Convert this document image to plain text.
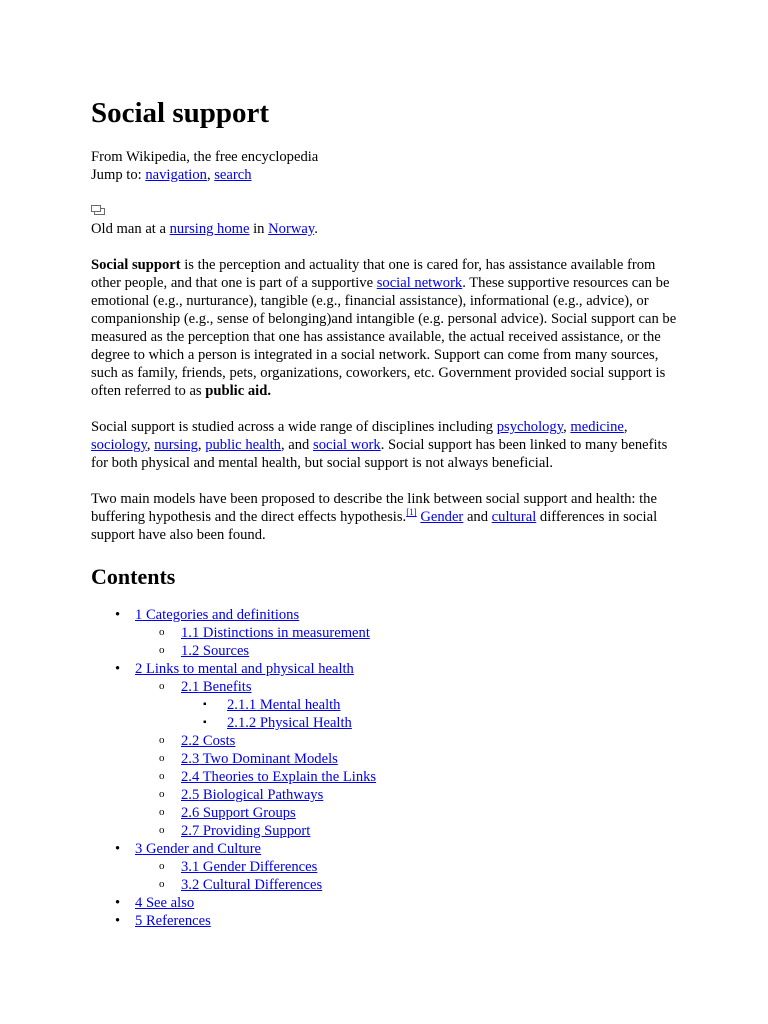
Social support
From Wikipedia, the free encyclopedia
Jump to: navigation, search
Old man at a nursing home in Norway.

Social support is the perception and actuality that one is cared for, has assistance available from other people, and that one is part of a supportive social network. These supportive resources can be emotional (e.g., nurturance), tangible (e.g., financial assistance), informational (e.g., advice), or companionship (e.g., sense of belonging)and intangible (e.g. personal advice). Social support can be measured as the perception that one has assistance available, the actual received assistance, or the degree to which a person is integrated in a social network. Support can come from many sources, such as family, friends, pets, organizations, coworkers, etc. Government provided social support is often referred to as public aid.

Social support is studied across a wide range of disciplines including psychology, medicine, sociology, nursing, public health, and social work. Social support has been linked to many benefits for both physical and mental health, but social support is not always beneficial.

Two main models have been proposed to describe the link between social support and health: the buffering hypothesis and the direct effects hypothesis.[1] Gender and cultural differences in social support have also been found.

Contents
• 1 Categories and definitions
o 1.1 Distinctions in measurement
o 1.2 Sources
• 2 Links to mental and physical health
o 2.1 Benefits
▪ 2.1.1 Mental health
▪ 2.1.2 Physical Health
o 2.2 Costs
o 2.3 Two Dominant Models
o 2.4 Theories to Explain the Links
o 2.5 Biological Pathways
o 2.6 Support Groups
o 2.7 Providing Support
• 3 Gender and Culture
o 3.1 Gender Differences
o 3.2 Cultural Differences
• 4 See also
• 5 References
